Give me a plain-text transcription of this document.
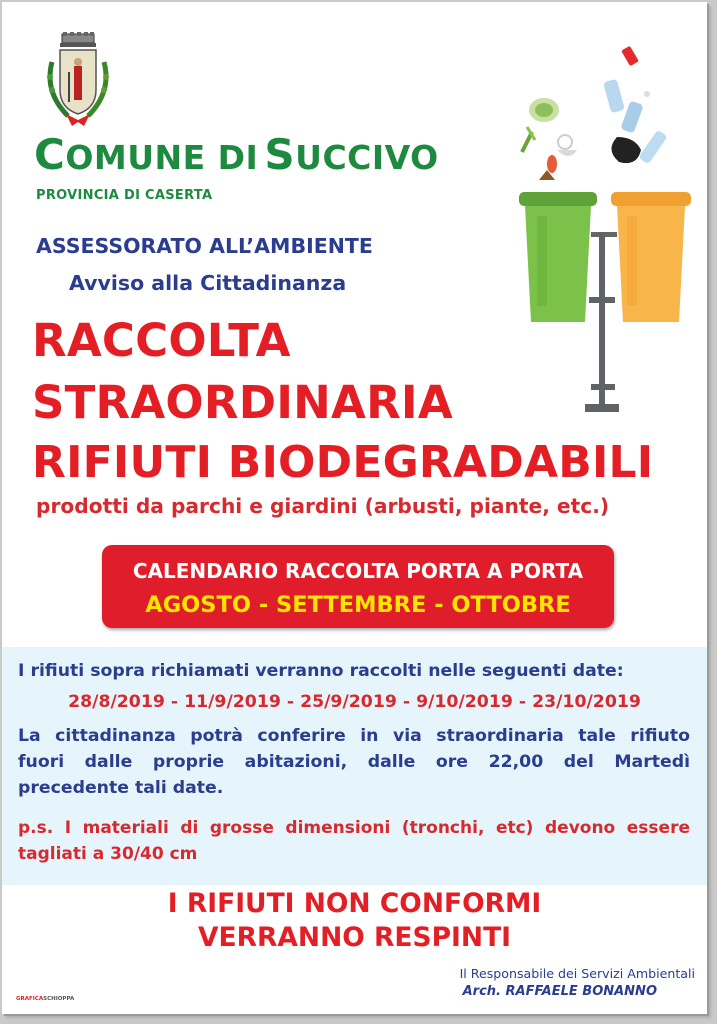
COMUNE DI SUCCIVO
PROVINCIA DI CASERTA
ASSESSORATO ALL’AMBIENTE
Avviso alla Cittadinanza
RACCOLTA
STRAORDINARIA
RIFIUTI BIODEGRADABILI
prodotti da parchi e giardini (arbusti, piante, etc.)
CALENDARIO RACCOLTA PORTA A PORTA
AGOSTO - SETTEMBRE - OTTOBRE
I rifiuti sopra richiamati verranno raccolti nelle seguenti date:
28/8/2019 - 11/9/2019 - 25/9/2019 - 9/10/2019 - 23/10/2019
La cittadinanza potrà conferire in via straordinaria tale rifiuto
fuori dalle proprie abitazioni, dalle ore 22,00 del Martedì
precedente tali date.
p.s. I materiali di grosse dimensioni (tronchi, etc) devono essere
tagliati a 30/40 cm
I RIFIUTI NON CONFORMI
VERRANNO RESPINTI
Il Responsabile dei Servizi Ambientali
Arch. RAFFAELE BONANNO
GRAFICASCHIOPPA
